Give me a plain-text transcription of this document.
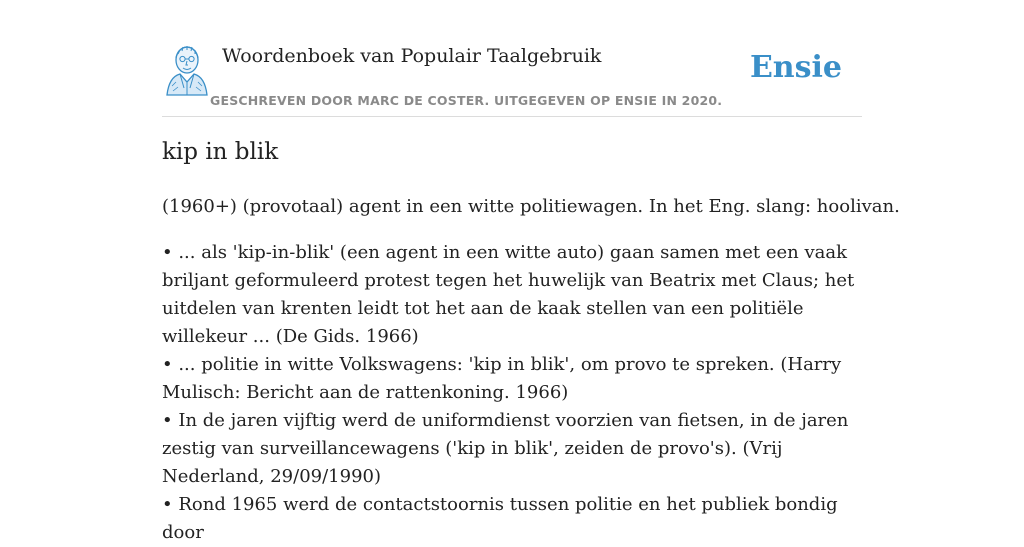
Woordenboek van Populair Taalgebruik
GESCHREVEN DOOR MARC DE COSTER. UITGEGEVEN OP ENSIE IN 2020.
Ensie
kip in blik

(1960+) (provotaal) agent in een witte politiewagen. In het Eng. slang: hoolivan.

• ... als 'kip-in-blik' (een agent in een witte auto) gaan samen met een vaak briljant geformuleerd protest tegen het huwelijk van Beatrix met Claus; het uitdelen van krenten leidt tot het aan de kaak stellen van een politiële willekeur ... (De Gids. 1966)
• ... politie in witte Volkswagens: 'kip in blik', om provo te spreken. (Harry Mulisch: Bericht aan de rattenkoning. 1966)
• In de jaren vijftig werd de uniformdienst voorzien van fietsen, in de jaren zestig van surveillancewagens ('kip in blik', zeiden de provo's). (Vrij Nederland, 29/09/1990)
• Rond 1965 werd de contactstoornis tussen politie en het publiek bondig door
